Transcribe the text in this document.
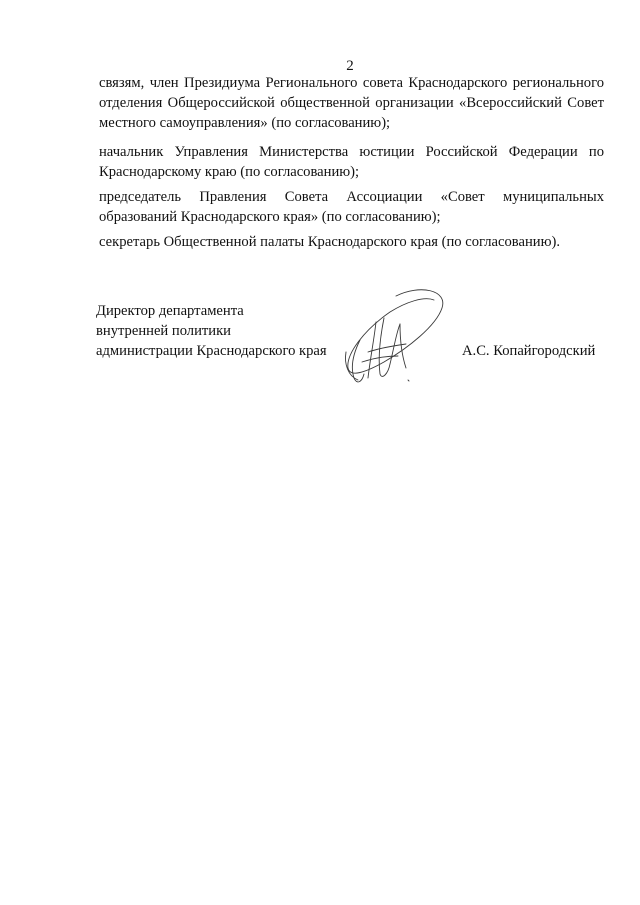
2

связям, член Президиума Регионального совета Краснодарского регионального отделения Общероссийской общественной организации «Всероссийский Совет местного самоуправления» (по согласованию);

начальник Управления Министерства юстиции Российской Федерации по Краснодарскому краю (по согласованию);

председатель Правления Совета Ассоциации «Совет муниципальных образований Краснодарского края» (по согласованию);

секретарь Общественной палаты Краснодарского края (по согласованию).

Директор департамента
внутренней политики
администрации Краснодарского края	А.С. Копайгородский
